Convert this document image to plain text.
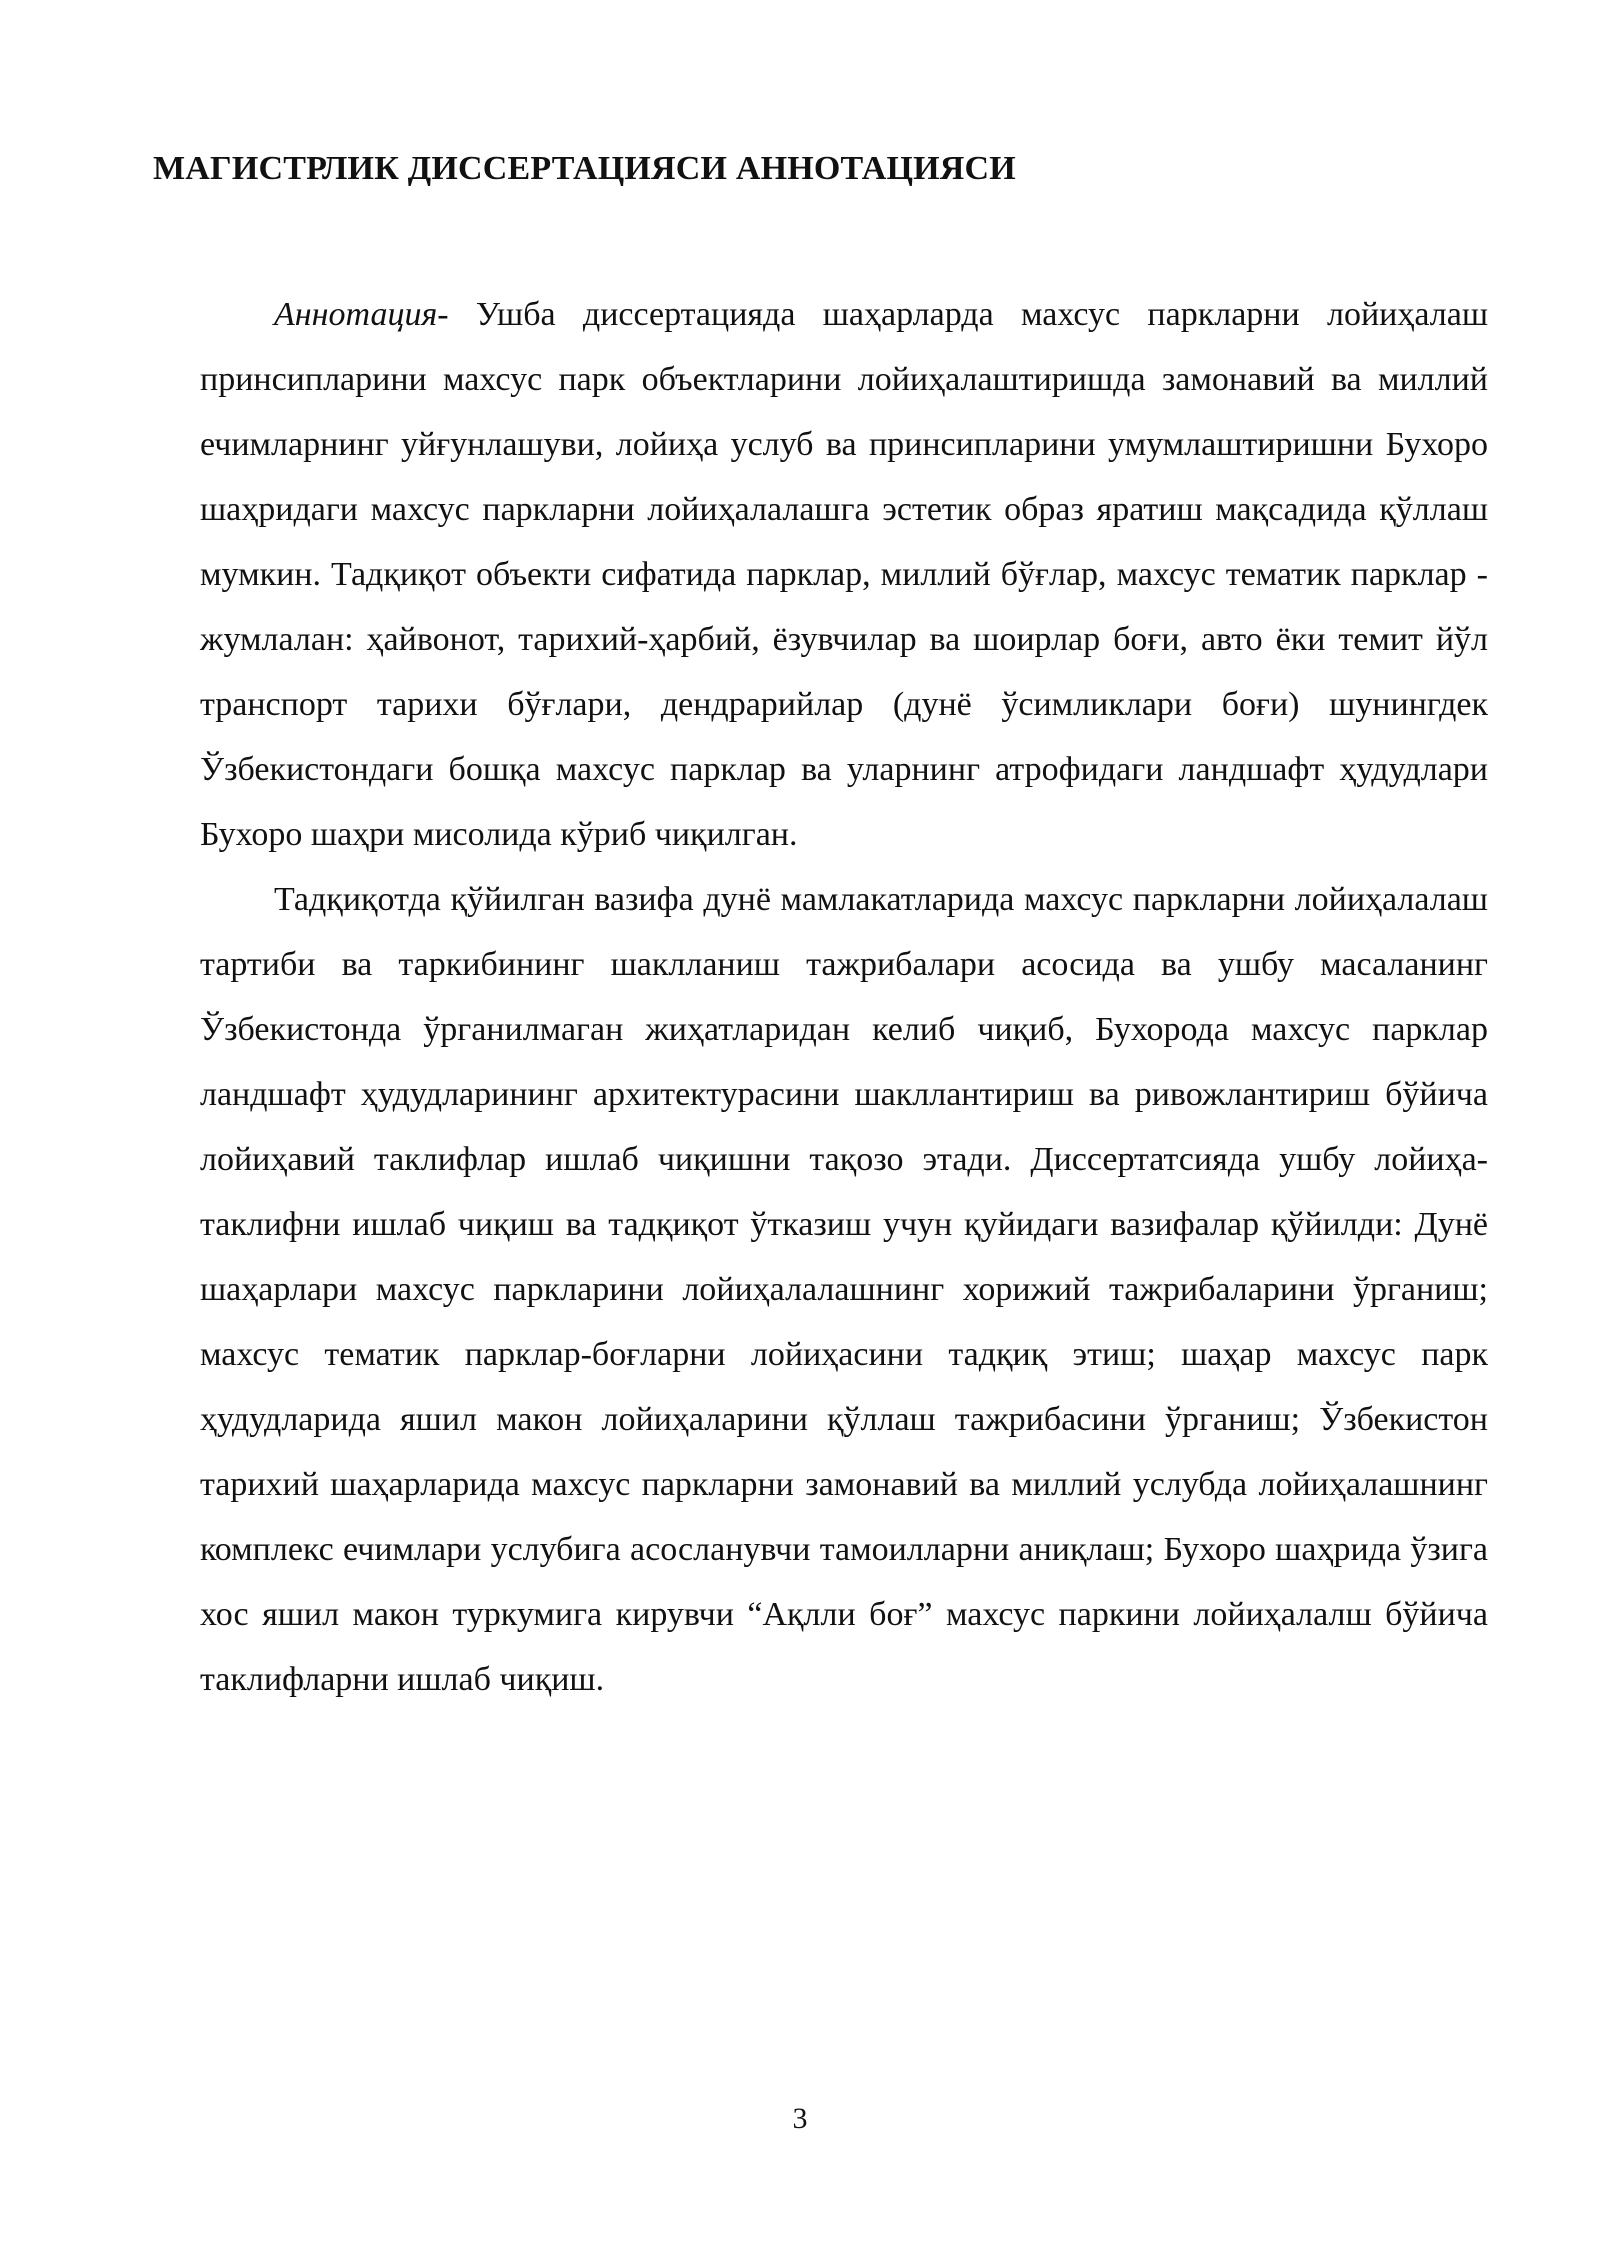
МАГИСТРЛИК ДИССЕРТАЦИЯСИ АННОТАЦИЯСИ

Аннотация- Ушба диссертацияда шаҳарларда махсус паркларни лойиҳалаш принсипларини махсус парк объектларини лойиҳалаштиришда замонавий ва миллий ечимларнинг уйғунлашуви, лойиҳа услуб ва принсипларини умумлаштиришни Бухоро шаҳридаги махсус паркларни лойиҳалалашга эстетик образ яратиш мақсадида қўллаш мумкин. Тадқиқот объекти сифатида парклар, миллий бўғлар, махсус тематик парклар - жумлалан: ҳайвонот, тарихий-ҳарбий, ёзувчилар ва шоирлар боғи, авто ёки темит йўл транспорт тарихи бўғлари, дендрарийлар (дунё ўсимликлари боғи) шунингдек Ўзбекистондаги бошқа махсус парклар ва уларнинг атрофидаги ландшафт ҳудудлари Бухоро шаҳри мисолида кўриб чиқилган.

Тадқиқотда қўйилган вазифа дунё мамлакатларида махсус паркларни лойиҳалалаш тартиби ва таркибининг шаклланиш тажрибалари асосида ва ушбу масаланинг Ўзбекистонда ўрганилмаган жиҳатларидан келиб чиқиб, Бухорода махсус парклар ландшафт ҳудудларининг архитектурасини шакллантириш ва ривожлантириш бўйича лойиҳавий таклифлар ишлаб чиқишни тақозо этади. Диссертатсияда ушбу лойиҳа-таклифни ишлаб чиқиш ва тадқиқот ўтказиш учун қуйидаги вазифалар қўйилди: Дунё шаҳарлари махсус паркларини лойиҳалалашнинг хорижий тажрибаларини ўрганиш; махсус тематик парклар-боғларни лойиҳасини тадқиқ этиш; шаҳар махсус парк ҳудудларида яшил макон лойиҳаларини қўллаш тажрибасини ўрганиш; Ўзбекистон тарихий шаҳарларида махсус паркларни замонавий ва миллий услубда лойиҳалашнинг комплекс ечимлари услубига асосланувчи тамоилларни аниқлаш; Бухоро шаҳрида ўзига хос яшил макон туркумига кирувчи “Ақлли боғ” махсус паркини лойиҳалалш бўйича таклифларни ишлаб чиқиш.

3
